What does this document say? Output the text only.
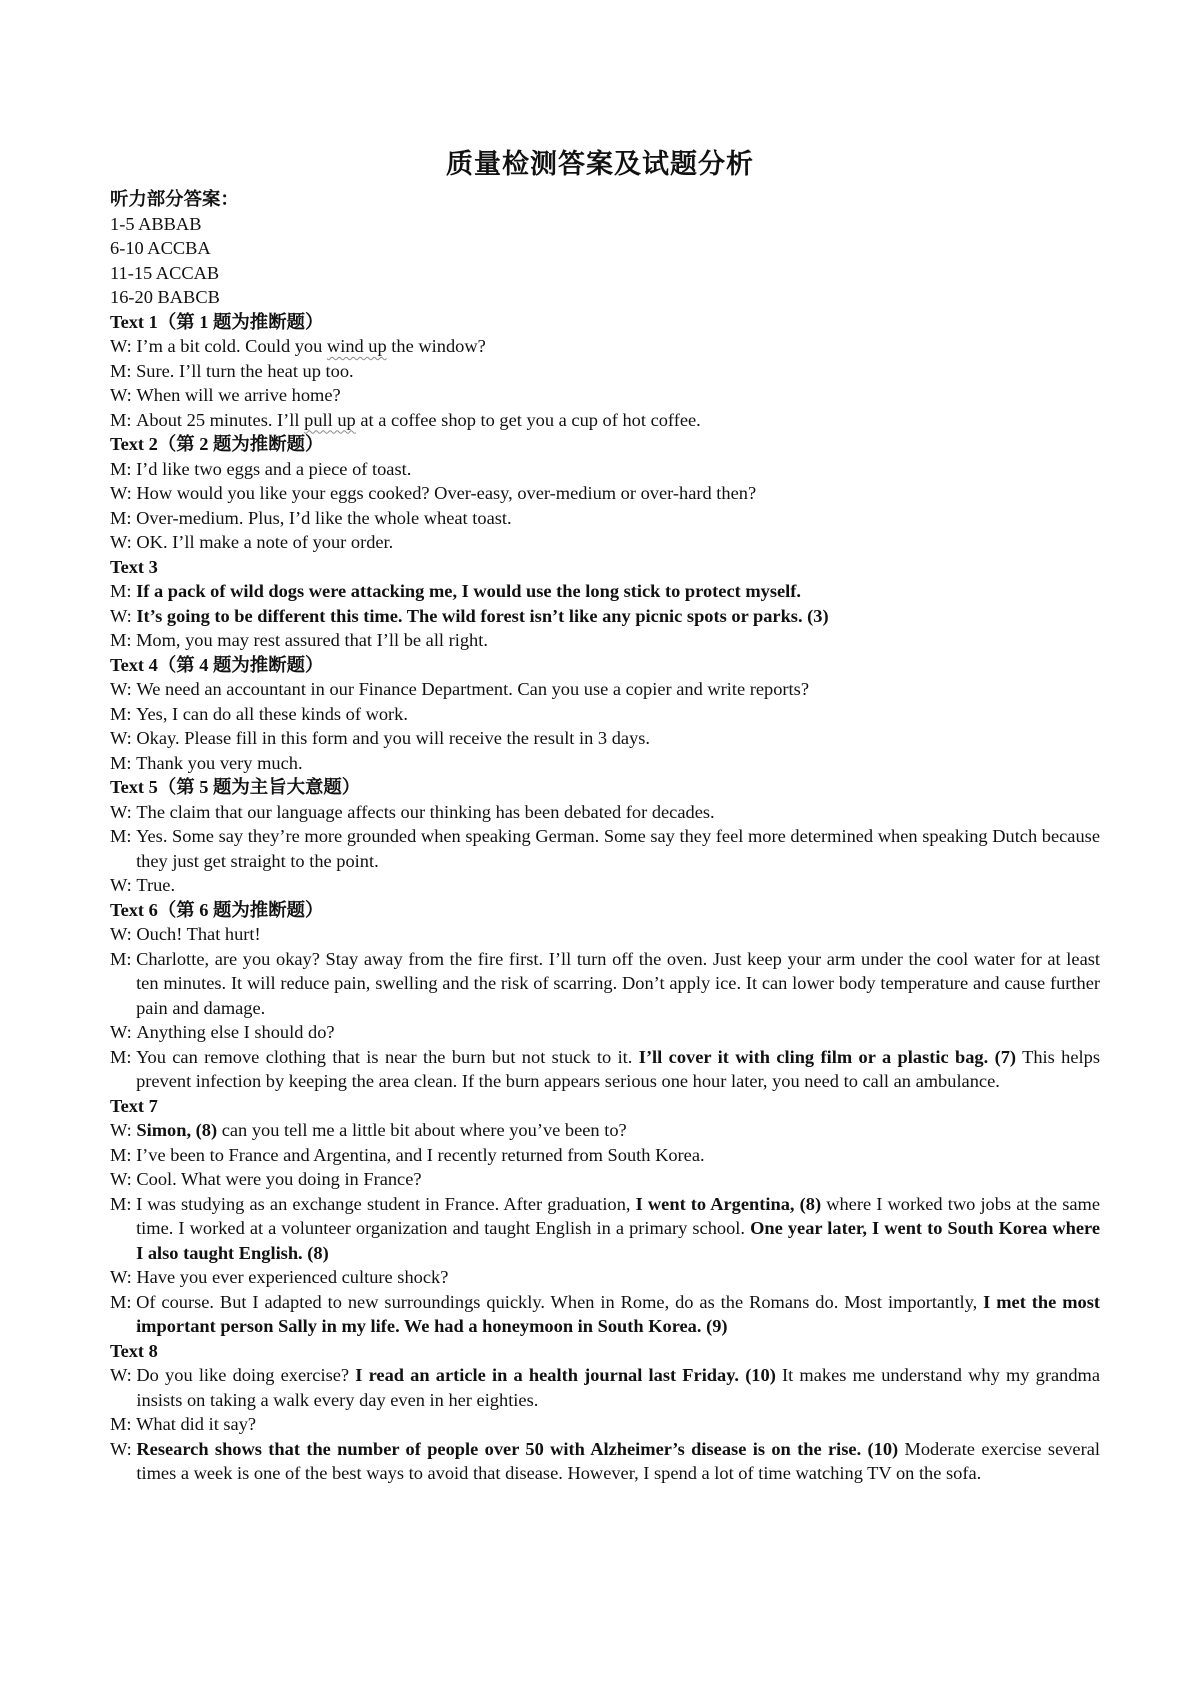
质量检测答案及试题分析

听力部分答案：

1-5 ABBAB

6-10 ACCBA

11-15 ACCAB

16-20 BABCB

Text 1（第 1 题为推断题）

W: I’m a bit cold. Could you wind up the window?
M: Sure. I’ll turn the heat up too.
W: When will we arrive home?
M: About 25 minutes. I’ll pull up at a coffee shop to get you a cup of hot coffee.

Text 2（第 2 题为推断题）

M: I’d like two eggs and a piece of toast.
W: How would you like your eggs cooked? Over-easy, over-medium or over-hard then?
M: Over-medium. Plus, I’d like the whole wheat toast.
W: OK. I’ll make a note of your order.

Text 3

M: If a pack of wild dogs were attacking me, I would use the long stick to protect myself.
W: It’s going to be different this time. The wild forest isn’t like any picnic spots or parks. (3)
M: Mom, you may rest assured that I’ll be all right.

Text 4（第 4 题为推断题）

W: We need an accountant in our Finance Department. Can you use a copier and write reports?
M: Yes, I can do all these kinds of work.
W: Okay. Please fill in this form and you will receive the result in 3 days.
M: Thank you very much.

Text 5（第 5 题为主旨大意题）

W: The claim that our language affects our thinking has been debated for decades.
M: Yes. Some say they’re more grounded when speaking German. Some say they feel more determined when speaking Dutch because they just get straight to the point.
W: True.

Text 6（第 6 题为推断题）

W: Ouch! That hurt!
M: Charlotte, are you okay? Stay away from the fire first. I’ll turn off the oven. Just keep your arm under the cool water for at least ten minutes. It will reduce pain, swelling and the risk of scarring. Don’t apply ice. It can lower body temperature and cause further pain and damage.
W: Anything else I should do?
M: You can remove clothing that is near the burn but not stuck to it. I’ll cover it with cling film or a plastic bag. (7) This helps prevent infection by keeping the area clean. If the burn appears serious one hour later, you need to call an ambulance.

Text 7

W: Simon, (8) can you tell me a little bit about where you’ve been to?
M: I’ve been to France and Argentina, and I recently returned from South Korea.
W: Cool. What were you doing in France?
M: I was studying as an exchange student in France. After graduation, I went to Argentina, (8) where I worked two jobs at the same time. I worked at a volunteer organization and taught English in a primary school. One year later, I went to South Korea where I also taught English. (8)
W: Have you ever experienced culture shock?
M: Of course. But I adapted to new surroundings quickly. When in Rome, do as the Romans do. Most importantly, I met the most important person Sally in my life. We had a honeymoon in South Korea. (9)

Text 8

W: Do you like doing exercise? I read an article in a health journal last Friday. (10) It makes me understand why my grandma insists on taking a walk every day even in her eighties.
M: What did it say?
W: Research shows that the number of people over 50 with Alzheimer’s disease is on the rise. (10) Moderate exercise several times a week is one of the best ways to avoid that disease. However, I spend a lot of time watching TV on the sofa.
